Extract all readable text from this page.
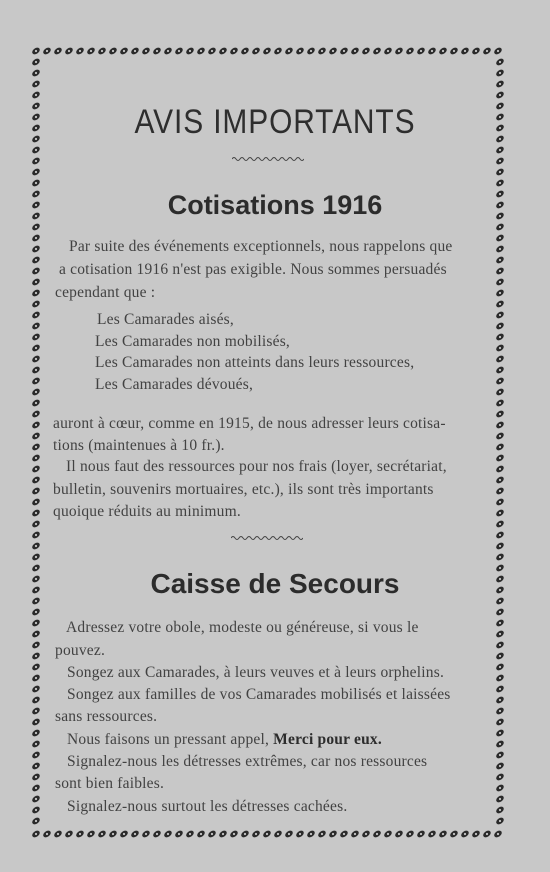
AVIS IMPORTANTS
Cotisations 1916
Par suite des événements exceptionnels, nous rappelons que
a cotisation 1916 n'est pas exigible. Nous sommes persuadés
cependant que :
Les Camarades aisés,
Les Camarades non mobilisés,
Les Camarades non atteints dans leurs ressources,
Les Camarades dévoués,
auront à cœur, comme en 1915, de nous adresser leurs cotisa-
tions (maintenues à 10 fr.).
Il nous faut des ressources pour nos frais (loyer, secrétariat,
bulletin, souvenirs mortuaires, etc.), ils sont très importants
quoique réduits au minimum.
Caisse de Secours
Adressez votre obole, modeste ou généreuse, si vous le
pouvez.
Songez aux Camarades, à leurs veuves et à leurs orphelins.
Songez aux familles de vos Camarades mobilisés et laissées
sans ressources.
Nous faisons un pressant appel, Merci pour eux.
Signalez-nous les détresses extrêmes, car nos ressources
sont bien faibles.
Signalez-nous surtout les détresses cachées.
